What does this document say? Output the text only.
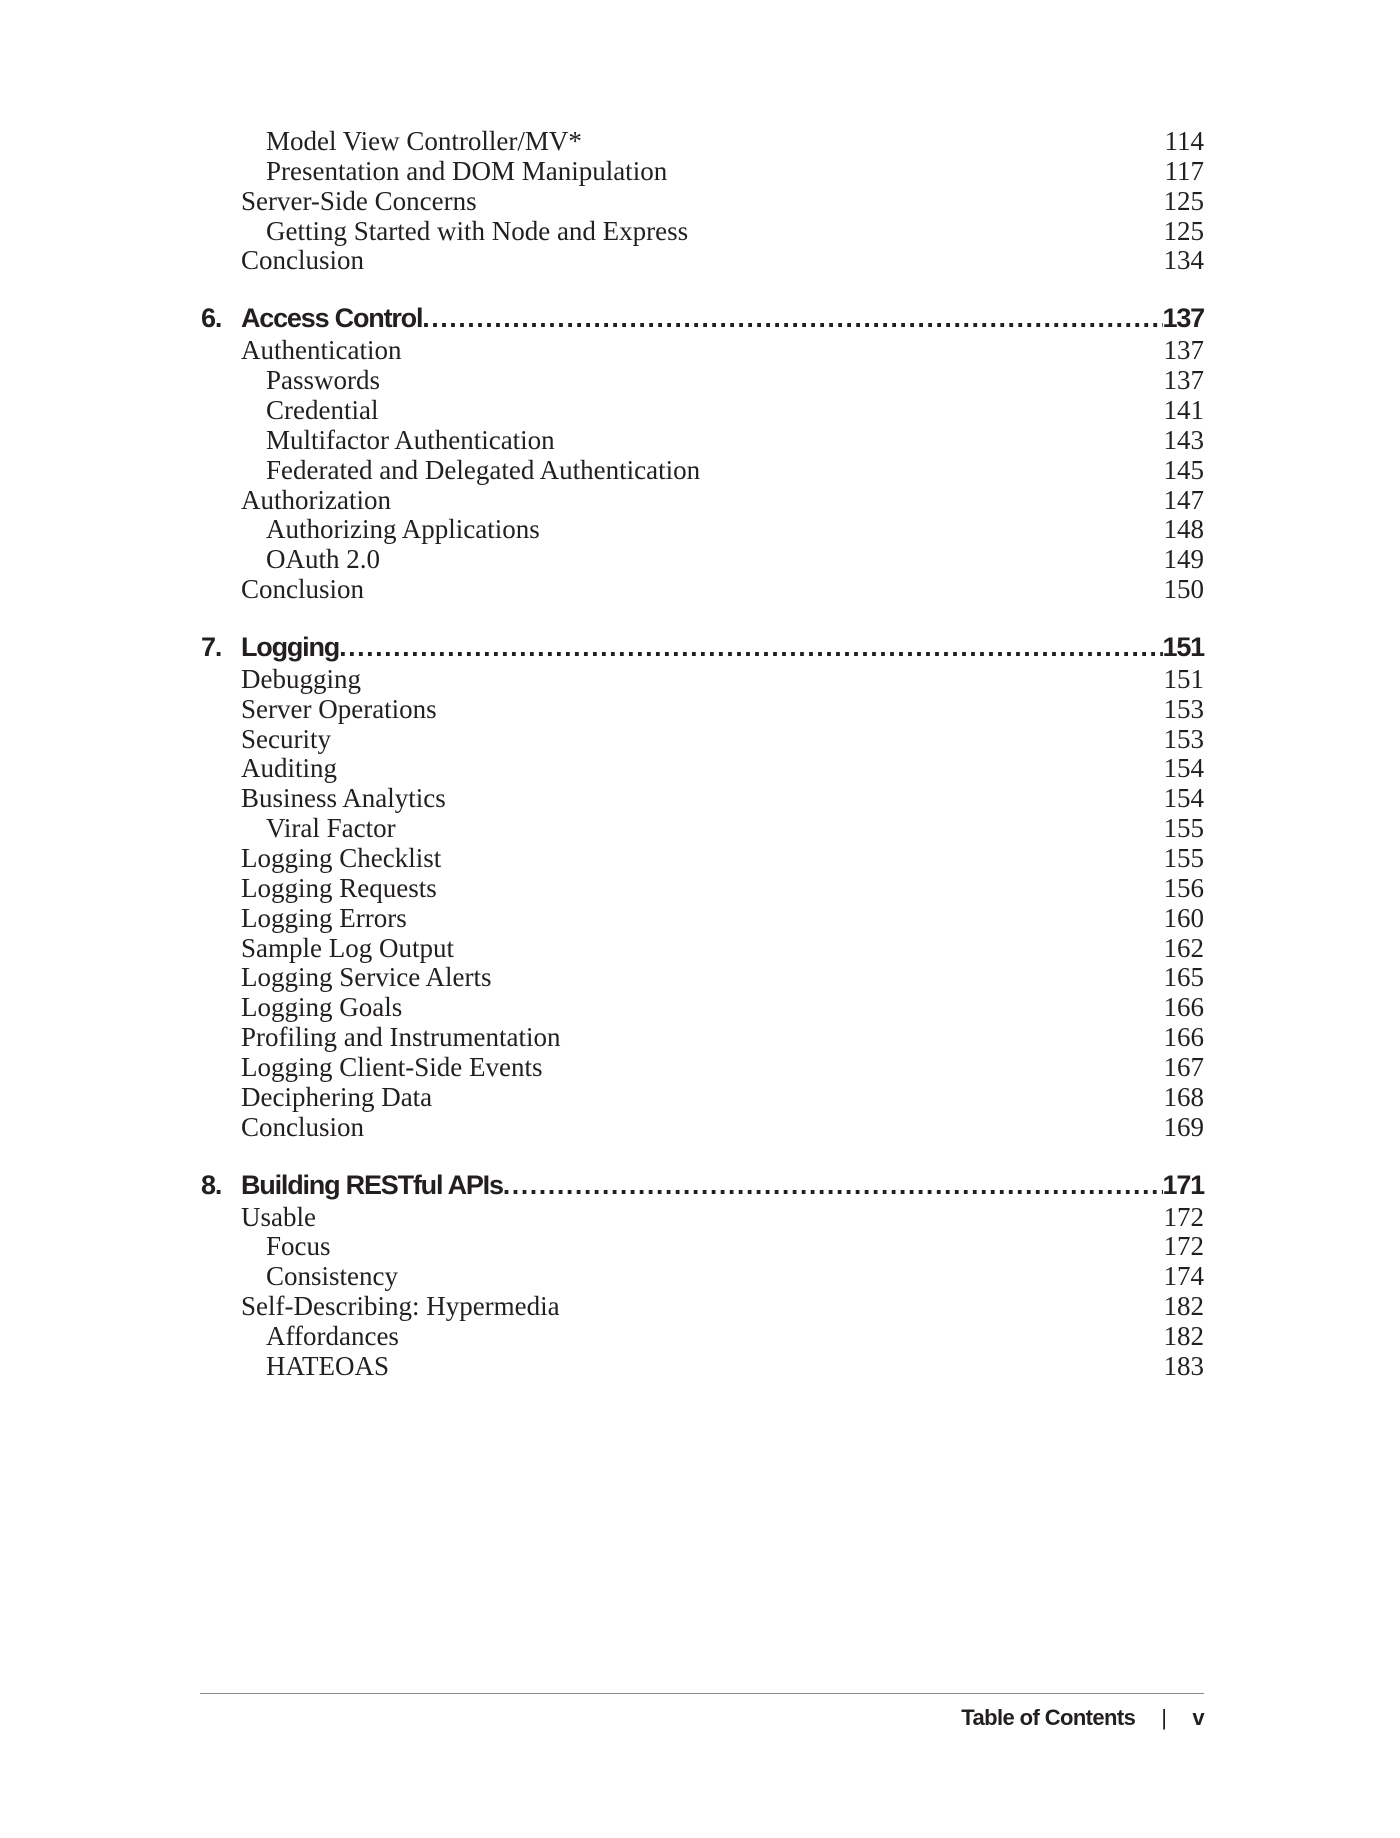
Model View Controller/MV*	114
Presentation and DOM Manipulation	117
Server-Side Concerns	125
Getting Started with Node and Express	125
Conclusion	134
6. Access Control . . .	137
Authentication	137
Passwords	137
Credential	141
Multifactor Authentication	143
Federated and Delegated Authentication	145
Authorization	147
Authorizing Applications	148
OAuth 2.0	149
Conclusion	150
7. Logging . . .	151
Debugging	151
Server Operations	153
Security	153
Auditing	154
Business Analytics	154
Viral Factor	155
Logging Checklist	155
Logging Requests	156
Logging Errors	160
Sample Log Output	162
Logging Service Alerts	165
Logging Goals	166
Profiling and Instrumentation	166
Logging Client-Side Events	167
Deciphering Data	168
Conclusion	169
8. Building RESTful APIs . . .	171
Usable	172
Focus	172
Consistency	174
Self-Describing: Hypermedia	182
Affordances	182
HATEOAS	183
Table of Contents | v
